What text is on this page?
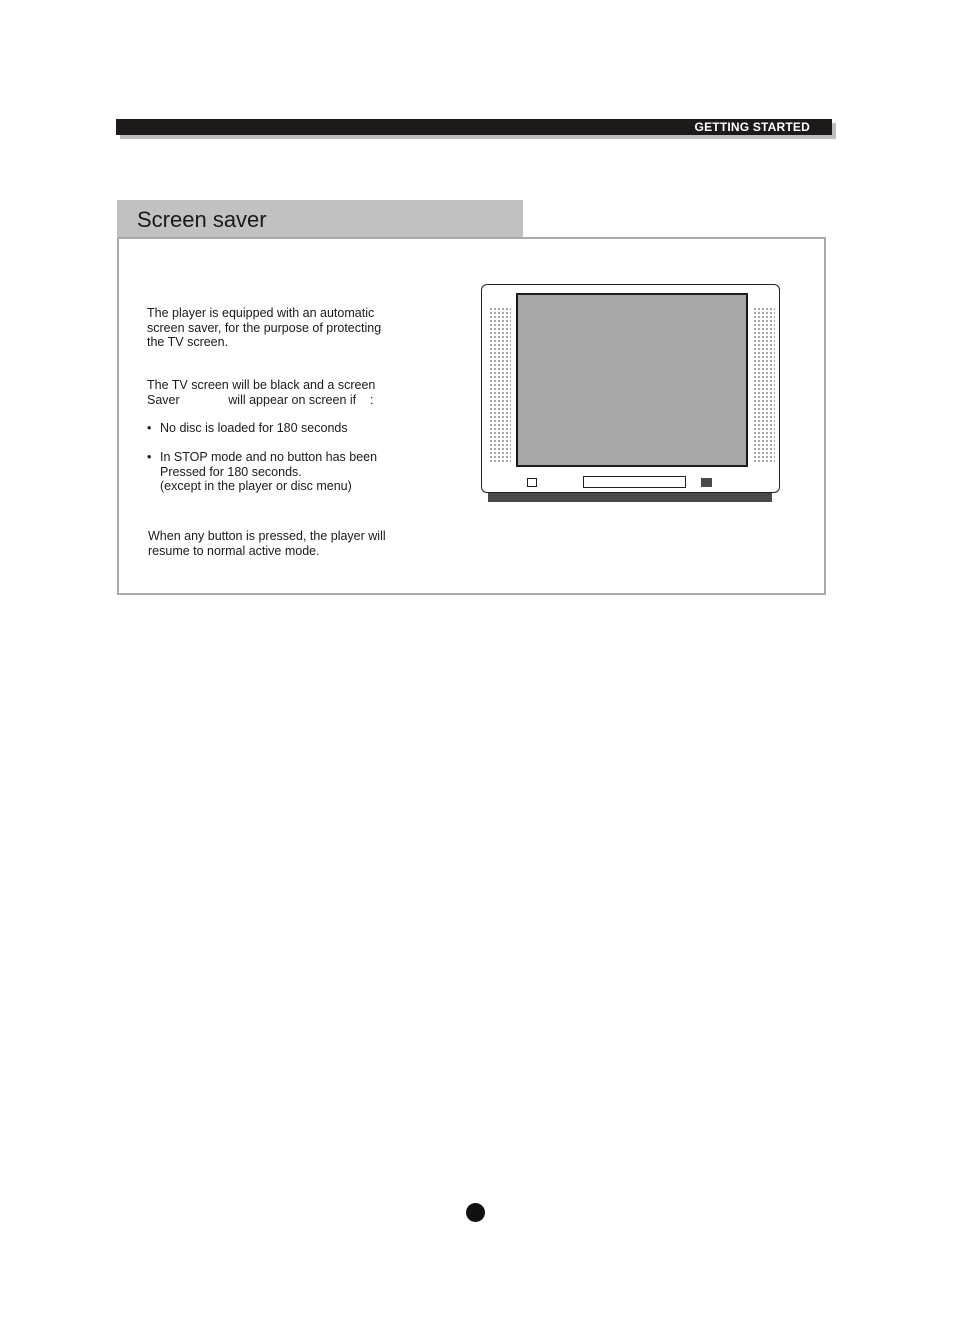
GETTING STARTED
Screen saver
The player is equipped with an automatic
screen saver, for the purpose of protecting
the TV screen.
The TV screen will be black and a screen
Saver              will appear on screen if    :
• No disc is loaded for 180 seconds
• In STOP mode and no button has been
Pressed for 180 seconds.
(except in the player or disc menu)
When any button is pressed, the player will
resume to normal active mode.
